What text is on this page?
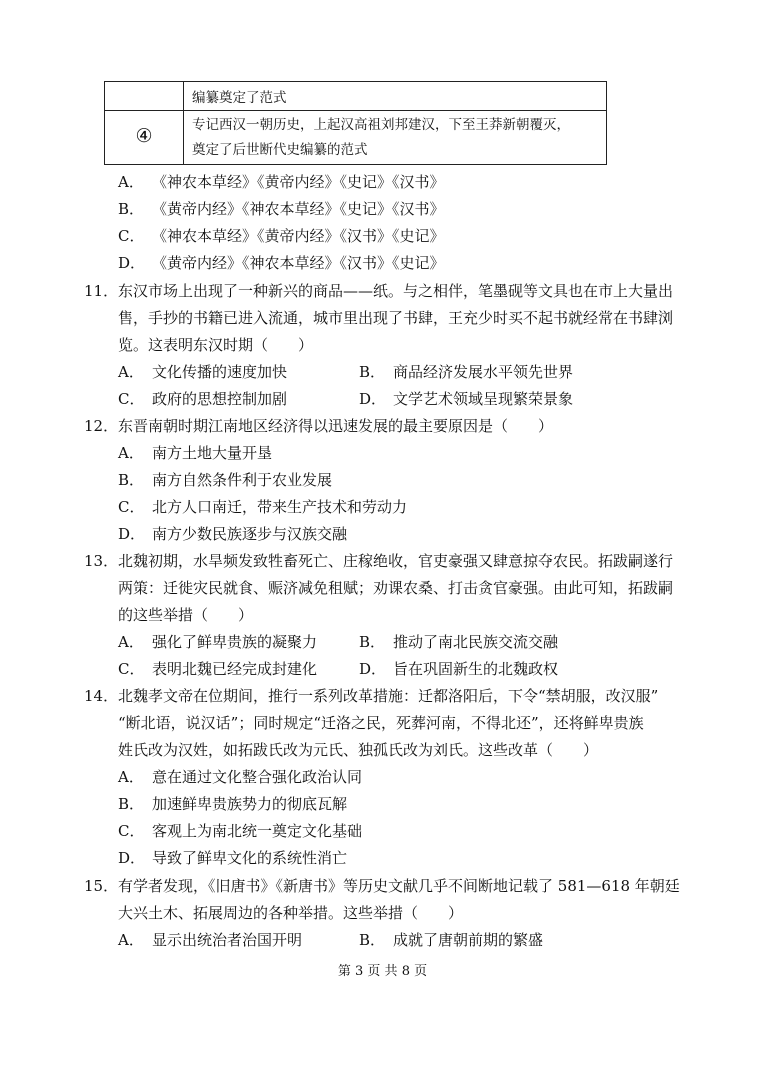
	编纂奠定了范式
④	专记西汉一朝历史，上起汉高祖刘邦建汉，下至王莽新朝覆灭，
奠定了后世断代史编纂的范式
A． 《神农本草经》《黄帝内经》《史记》《汉书》
B． 《黄帝内经》《神农本草经》《史记》《汉书》
C． 《神农本草经》《黄帝内经》《汉书》《史记》
D． 《黄帝内经》《神农本草经》《汉书》《史记》
11． 东汉市场上出现了一种新兴的商品——纸。与之相伴，笔墨砚等文具也在市上大量出
售，手抄的书籍已进入流通，城市里出现了书肆，王充少时买不起书就经常在书肆浏
览。这表明东汉时期（　　）
A． 文化传播的速度加快	B． 商品经济发展水平领先世界
C． 政府的思想控制加剧	D． 文学艺术领域呈现繁荣景象
12． 东晋南朝时期江南地区经济得以迅速发展的最主要原因是（　　）
A． 南方土地大量开垦
B． 南方自然条件利于农业发展
C． 北方人口南迁，带来生产技术和劳动力
D． 南方少数民族逐步与汉族交融
13． 北魏初期，水旱频发致牲畜死亡、庄稼绝收，官吏豪强又肆意掠夺农民。拓跋嗣遂行
两策：迁徙灾民就食、赈济减免租赋；劝课农桑、打击贪官豪强。由此可知，拓跋嗣
的这些举措（　　）
A． 强化了鲜卑贵族的凝聚力	B． 推动了南北民族交流交融
C． 表明北魏已经完成封建化	D． 旨在巩固新生的北魏政权
14． 北魏孝文帝在位期间，推行一系列改革措施：迁都洛阳后，下令“禁胡服，改汉服”
“断北语，说汉话”；同时规定“迁洛之民，死葬河南，不得北还”，还将鲜卑贵族
姓氏改为汉姓，如拓跋氏改为元氏、独孤氏改为刘氏。这些改革（　　）
A． 意在通过文化整合强化政治认同
B． 加速鲜卑贵族势力的彻底瓦解
C． 客观上为南北统一奠定文化基础
D． 导致了鲜卑文化的系统性消亡
15． 有学者发现，《旧唐书》《新唐书》等历史文献几乎不间断地记载了 581—618 年朝廷
大兴土木、拓展周边的各种举措。这些举措（　　）
A． 显示出统治者治国开明	B． 成就了唐朝前期的繁盛
第 3 页 共 8 页
